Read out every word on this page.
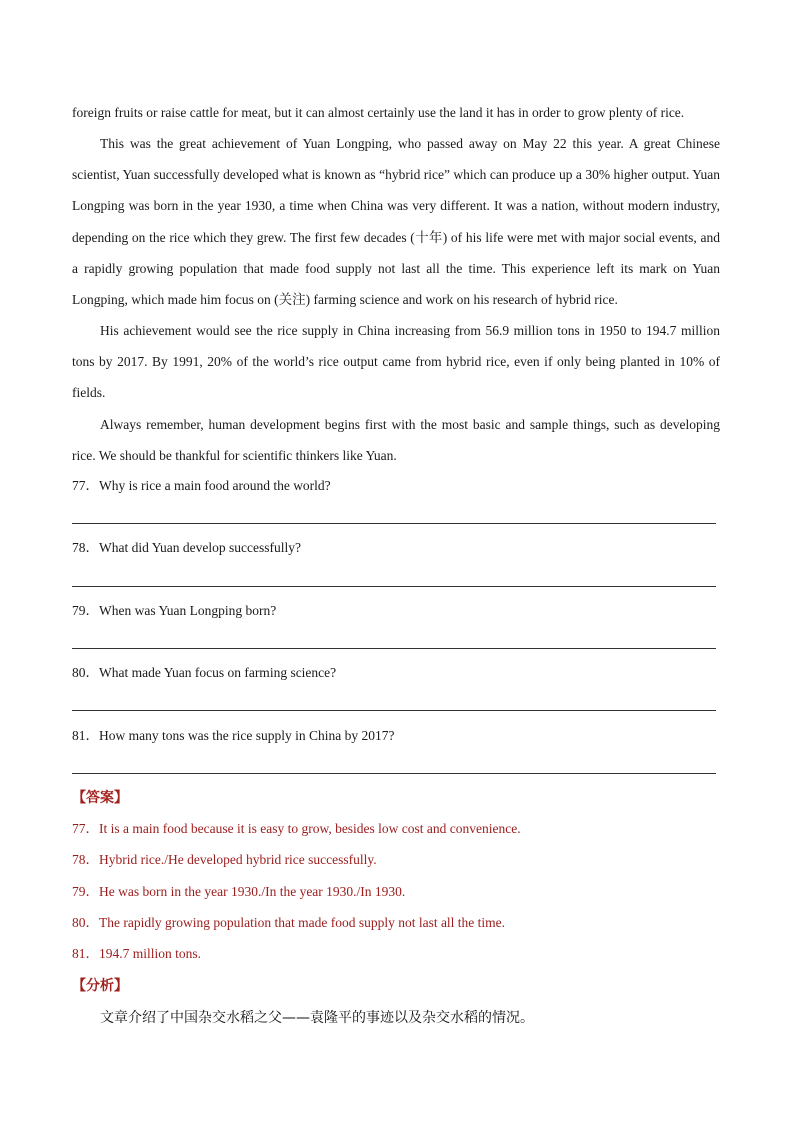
foreign fruits or raise cattle for meat, but it can almost certainly use the land it has in order to grow plenty of rice.

This was the great achievement of Yuan Longping, who passed away on May 22 this year. A great Chinese scientist, Yuan successfully developed what is known as “hybrid rice” which can produce up a 30% higher output. Yuan Longping was born in the year 1930, a time when China was very different. It was a nation, without modern industry, depending on the rice which they grew. The first few decades (十年) of his life were met with major social events, and a rapidly growing population that made food supply not last all the time. This experience left its mark on Yuan Longping, which made him focus on (关注) farming science and work on his research of hybrid rice.

His achievement would see the rice supply in China increasing from 56.9 million tons in 1950 to 194.7 million tons by 2017. By 1991, 20% of the world’s rice output came from hybrid rice, even if only being planted in 10% of fields.

Always remember, human development begins first with the most basic and sample things, such as developing rice. We should be thankful for scientific thinkers like Yuan.

77．Why is rice a main food around the world?

78．What did Yuan develop successfully?

79．When was Yuan Longping born?

80．What made Yuan focus on farming science?

81．How many tons was the rice supply in China by 2017?

【答案】

77．It is a main food because it is easy to grow, besides low cost and convenience.

78．Hybrid rice./He developed hybrid rice successfully.

79．He was born in the year 1930./In the year 1930./In 1930.

80．The rapidly growing population that made food supply not last all the time.

81．194.7 million tons.

【分析】

文章介绍了中国杂交水稻之父——袁隆平的事迹以及杂交水稻的情况。
